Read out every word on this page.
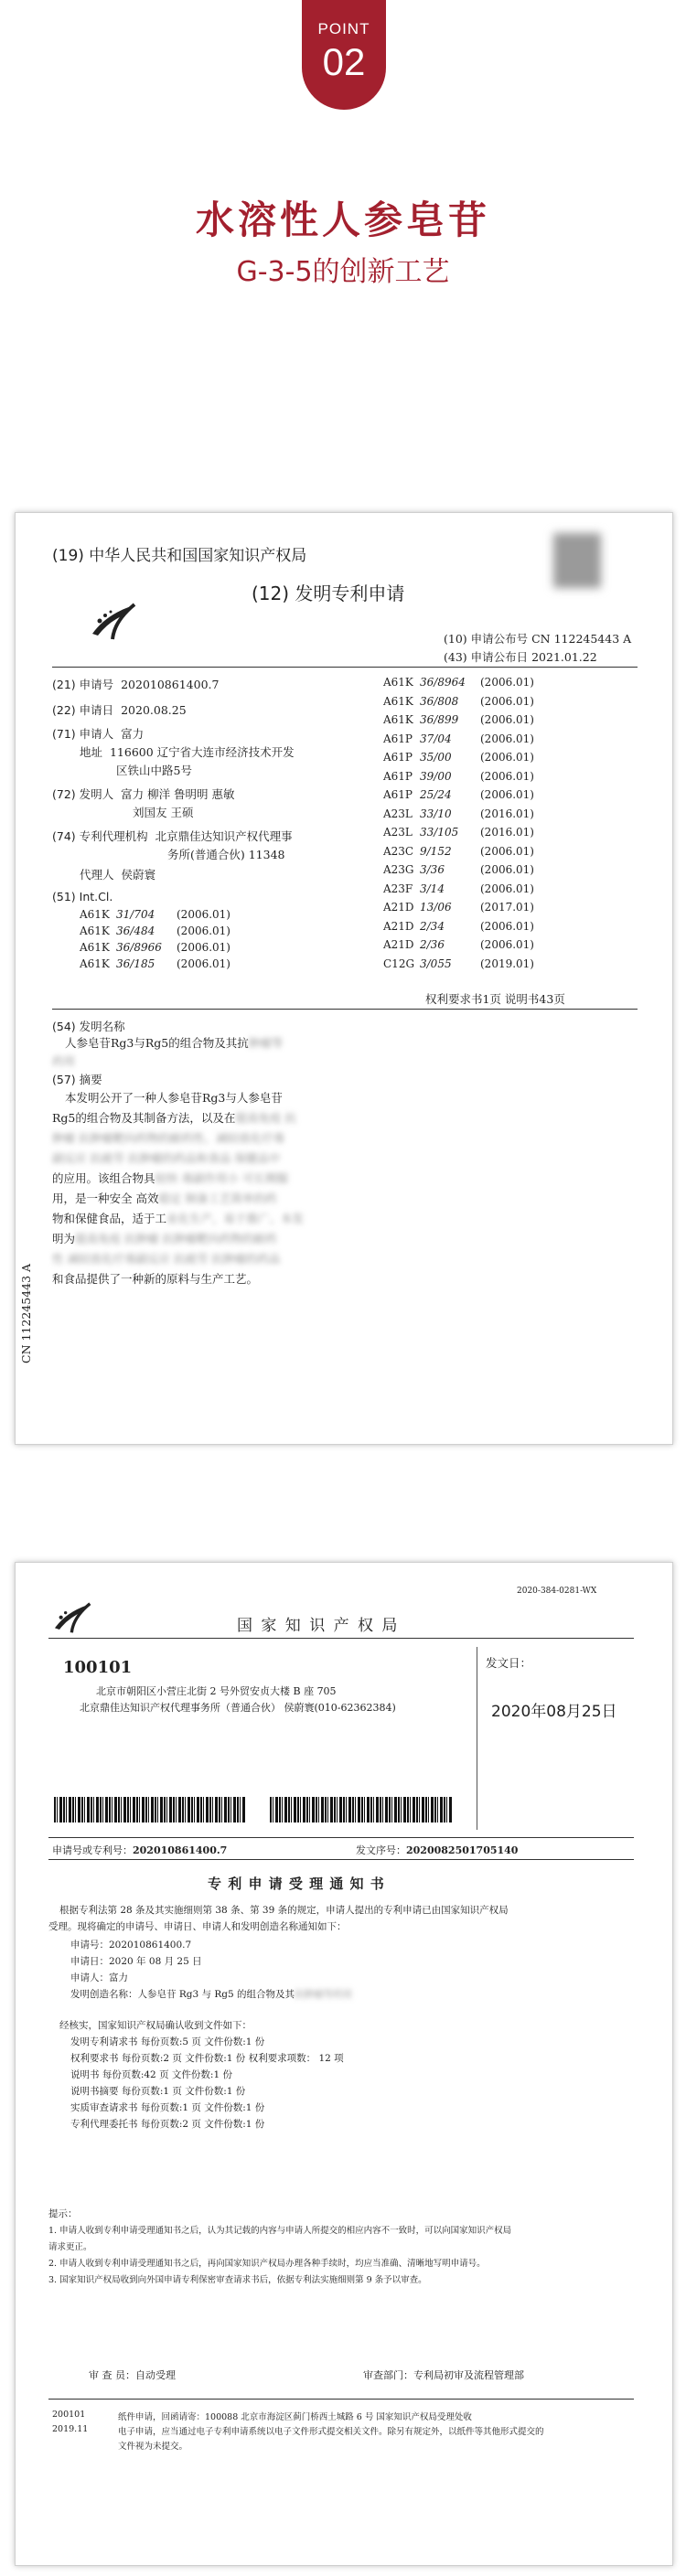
POINT
02
水溶性人参皂苷
G-3-5的创新工艺
(19) 中华人民共和国国家知识产权局
(12) 发明专利申请
(10) 申请公布号 CN 112245443 A
(43) 申请公布日 2021.01.22
(21) 申请号 202010861400.7
(22) 申请日 2020.08.25
(71) 申请人 富力
地址 116600 辽宁省大连市经济技术开发
区铁山中路5号
(72) 发明人 富力 柳洋 鲁明明 惠敏
刘国友 王硕
(74) 专利代理机构 北京鼎佳达知识产权代理事
务所(普通合伙) 11348
代理人 侯蔚寰
(51) Int.Cl.
A61K 31/704 (2006.01)
A61K 36/484 (2006.01)
A61K 36/8966 (2006.01)
A61K 36/185 (2006.01)
A61K 36/8964 (2006.01)
A61K 36/808 (2006.01)
A61K 36/899 (2006.01)
A61P 37/04	(2006.01)
A61P 35/00	(2006.01)
A61P 39/00	(2006.01)
A61P 25/24	(2006.01)
A23L 33/10	(2016.01)
A23L 33/105 (2016.01)
A23C 9/152	(2006.01)
A23G 3/36	(2006.01)
A23F 3/14	(2006.01)
A21D 13/06	(2017.01)
A21D 2/34	(2006.01)
A21D 2/36	(2006.01)
C12G 3/055	(2019.01)
权利要求书1页 说明书43页
(54) 发明名称
人参皂苷Rg3与Rg5的组合物及其抗肿瘤等
药用
(57) 摘要
本发明公开了一种人参皂苷Rg3与人参皂苷
Rg5的组合物及其制备方法，以及在提高免疫 抗
肿瘤 抗肿瘤靶向药物的耐药性、减轻放化疗毒
副反应 抗疲劳 抗肿瘤的药品和食品 保健品中
的应用。该组合物具较快 毒副作用小 可长期服
用，是一种安全 高效稳定 制备工艺简单的药
物和保健食品，适于工业化生产，易于推广。本发
明为提高免疫 抗肿瘤 抗肿瘤靶向药物的耐药
性 减轻放化疗毒副反应 抗疲劳 抗肿瘤的药品
和食品提供了一种新的原料与生产工艺。
CN 112245443 A
2020-384-0281-WX
国 家 知 识 产 权 局
100101
北京市朝阳区小营庄北街 2 号外贸安贞大楼 B 座 705
北京鼎佳达知识产权代理事务所（普通合伙） 侯蔚寰(010-62362384)
发文日：
2020年08月25日
申请号或专利号：202010861400.7	发文序号：2020082501705140
专 利 申 请 受 理 通 知 书
根据专利法第 28 条及其实施细则第 38 条、第 39 条的规定，申请人提出的专利申请已由国家知识产权局
受理。现将确定的申请号、申请日、申请人和发明创造名称通知如下：
申请号：202010861400.7
申请日：2020 年 08 月 25 日
申请人：富力
发明创造名称：人参皂苷 Rg3 与 Rg5 的组合物及其抗肿瘤等药用
经核实，国家知识产权局确认收到文件如下：
发明专利请求书 每份页数:5 页 文件份数:1 份
权利要求书 每份页数:2 页 文件份数:1 份 权利要求项数： 12 项
说明书 每份页数:42 页 文件份数:1 份
说明书摘要 每份页数:1 页 文件份数:1 份
实质审查请求书 每份页数:1 页 文件份数:1 份
专利代理委托书 每份页数:2 页 文件份数:1 份
提示：
1. 申请人收到专利申请受理通知书之后，认为其记载的内容与申请人所提交的相应内容不一致时，可以向国家知识产权局
请求更正。
2. 申请人收到专利申请受理通知书之后，再向国家知识产权局办理各种手续时，均应当准确、清晰地写明申请号。
3. 国家知识产权局收到向外国申请专利保密审查请求书后，依据专利法实施细则第 9 条予以审查。
审 查 员：自动受理	审查部门：专利局初审及流程管理部
200101
2019.11
纸件申请，回函请寄：100088 北京市海淀区蓟门桥西土城路 6 号 国家知识产权局受理处收
电子申请，应当通过电子专利申请系统以电子文件形式提交相关文件。除另有规定外，以纸件等其他形式提交的
文件视为未提交。
